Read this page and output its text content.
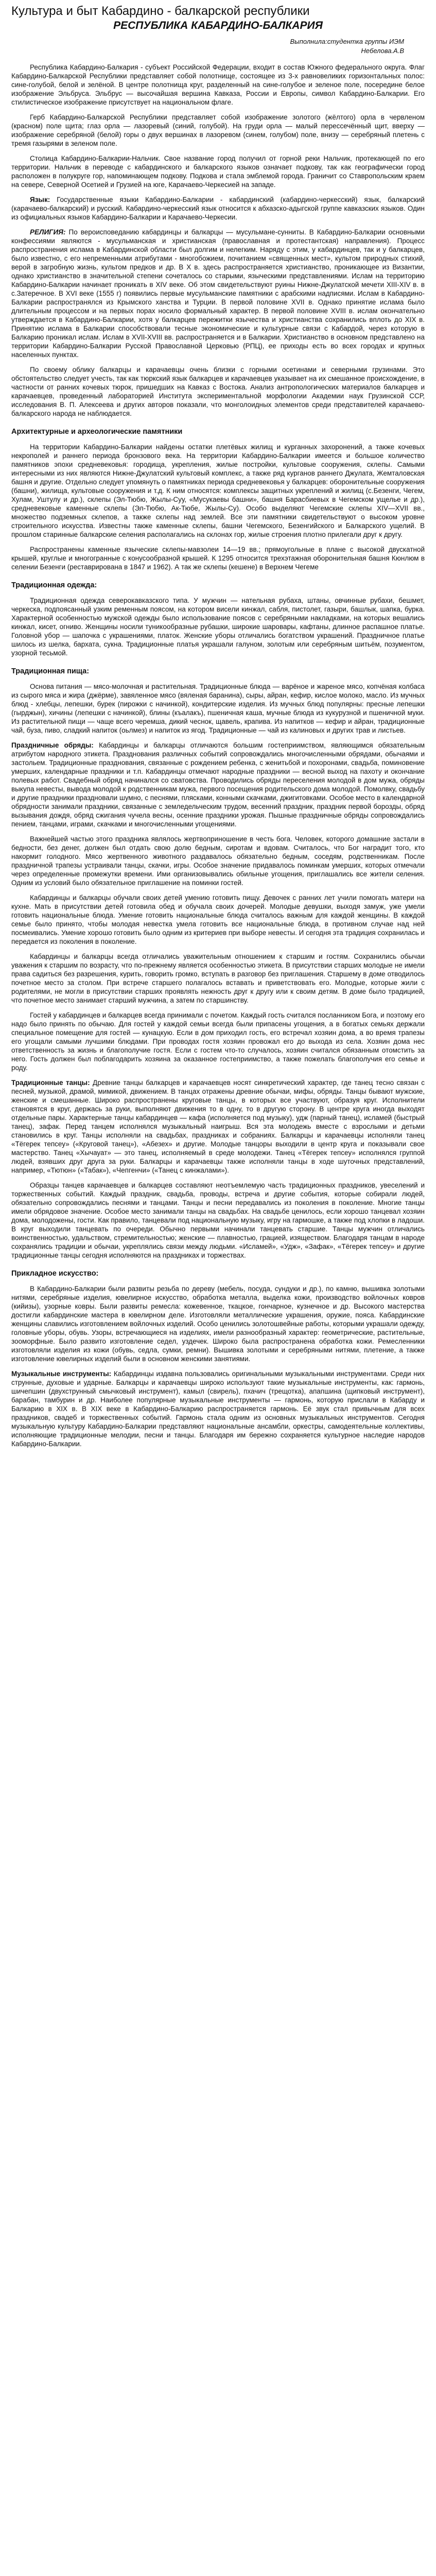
Культура и быт Кабардино - балкарской республики
РЕСПУБЛИКА КАБАРДИНО-БАЛКАРИЯ
Выполнила:студентка группы ИЭМ
Небелова.А.В

Республика Кабардино-Балкария - субъект Российской Федерации, входит в состав Южного федерального округа. Флаг Кабардино-Балкарской Республики представляет собой полотнище, состоящее из 3-х равновеликих горизонтальных полос: сине-голубой, белой и зелёной. В центре полотнища круг, разделенный на сине-голубое и зеленое поле, посередине белое изображение Эльбруса. Эльбрус — высочайшая вершина Кавказа, России и Европы, символ Кабардино-Балкарии. Его стилистическое изображение присутствует на национальном флаге.

Герб Кабардино-Балкарской Республики представляет собой изображение золотого (жёлтого) орла в червленом (красном) поле щита; глаз орла — лазоревый (синий, голубой). На груди орла — малый перессечённый щит, вверху — изображение серебряной (белой) горы о двух вершинах в лазоревом (синем, голубом) поле, внизу — серебряный плетень с тремя газырями в зеленом поле.

Столица Кабардино-Балкарии-Нальчик. Свое название город получил от горной реки Нальчик, протекающей по его территории. Нальчик в переводе с кабардинского и балкарского языков означает подкову, так как географически город расположен в полукруге гор, напоминающем подкову. Подкова и стала эмблемой города. Граничит со Ставропольским краем на севере, Северной Осетией и Грузией на юге, Карачаево-Черкесией на западе.

Язык: Государственные языки Кабардино-Балкарии - кабардинский (кабардино-черкесский) язык, балкарский (карачаево-балкарский) и русский. Кабардино-черкесский язык относится к абхазско-адыгской группе кавказских языков. Один из официальных языков Кабардино-Балкарии и Карачаево-Черкесии.

РЕЛИГИЯ: По вероисповеданию кабардинцы и балкарцы — мусульмане-сунниты. В Кабардино-Балкарии основными конфессиями являются - мусульманская и христианская (православная и протестантская) направления). Процесс распространения ислама в Кабардинской области был долгим и нелегким. Наряду с этим, у кабардинцев, так и у балкарцев, было известно, с его непременными атрибутами - многобожием, почитанием «священных мест», культом природных стихий, верой в загробную жизнь, культом предков и др. В X в. здесь распространяется христианство, проникающее из Византии, однако христианство в значительной степени сочеталось со старыми, языческими представлениями. Ислам на территорию Кабардино-Балкарии начинает проникать в XIV веке. Об этом свидетельствуют руины Нижне-Джулатской мечети XIII-XIV в. в с.Затеречное. В XVI веке (1555 г) появились первые мусульманские памятники с арабскими надписями. Ислам в Кабардино-Балкарии распространялся из Крымского ханства и Турции. В первой половине XVII в. Однако принятие ислама было длительным процессом и на первых порах носило формальный характер. В первой половине XVIII в. ислам окончательно утверждается в Кабардино-Балкарии, хотя у балкарцев пережитки язычества и христианства сохранились вплоть до XIX в. Принятию ислама в Балкарии способствовали тесные экономические и культурные связи с Кабардой, через которую в Балкарию проникал ислам. Ислам в XVII-XVIII вв. распространяется и в Балкарии. Христианство в основном представлено на территории Кабардино-Балкарии Русской Православной Церковью (РПЦ), ее приходы есть во всех городах и крупных населенных пунктах.

По своему облику балкарцы и карачаевцы очень близки с горными осетинами и северными грузинами. Это обстоятельство следует учесть, так как тюркский язык балкарцев и карачаевцев указывает на их смешанное происхождение, в частности от ранних кочевых тюрок, пришедших на Кавказ с Востока. Анализ антропологических материалов балкарцев и карачаевцев, проведенный лабораторией Института экспериментальной морфологии Академии наук Грузинской ССР, исследования В. П. Алексеева и других авторов показали, что монголоидных элементов среди представителей карачаево-балкарского народа не наблюдается.

Архитектурные и археологические памятники

На территории Кабардино-Балкарии найдены остатки плетёвых жилищ и курганных захоронений, а также кочевых некрополей и раннего периода бронзового века. На территории Кабардино-Балкарии имеется и большое количество памятников эпохи средневековья: городища, укрепления, жилые постройки, культовые сооружения, склепы. Самыми интересными из них являются Нижне-Джулатский культовый комплекс, а также ряд курганов раннего Джулата, Жемталовская башня и другие. Отдельно следует упомянуть о памятниках периода средневековья у балкарцев: оборонительные сооружения (башни), жилища, культовые сооружения и т.д. К ним относятся: комплексы защитных укреплений и жилищ (с.Безенги, Чегем, Хулам, Уштулу и др.), склепы (Эл-Тюбю, Жылы-Суу, «Мусукаевы башни», башня Барасбиевых в Чегемском ущелье и др.), средневековые каменные склепы (Эл-Тюбю, Ак-Тюбе, Жылы-Су). Особо выделяют Чегемские склепы XIV—XVII вв., множество подземных склепов, а также склепы над землей. Все эти памятники свидетельствуют о высоком уровне строительного искусства. Известны также каменные склепы, башни Чегемского, Безенгийского и Балкарского ущелий. В прошлом старинные балкарские селения располагались на склонах гор, жилые строения плотно прилегали друг к другу.

Распространены каменные языческие склепы-мавзолеи 14—19 вв.; прямоугольные в плане с высокой двускатной крышей, круглые и многогранные с конусообразной крышей. К 1295 относится трехэтажная оборонительная башня Кюнлюм в селении Безенги (реставрирована в 1847 и 1962). А так же склепы (кешене) в Верхнем Чегеме

Традиционная одежда:

Традиционная одежда северокавказского типа. У мужчин — нательная рубаха, штаны, овчинные рубахи, бешмет, черкеска, подпоясанный узким ременным поясом, на котором висели кинжал, сабля, пистолет, газыри, башлык, шапка, бурка. Характерной особенностью мужской одежды было использование поясов с серебряными накладками, на которых вешались кинжал, кисет, огниво. Женщины носили туникообразные рубашки, широкие шаровары, кафтаны, длинное распашное платье. Головной убор — шапочка с украшениями, платок. Женские уборы отличались богатством украшений. Праздничное платье шилось из шелка, бархата, сукна. Традиционные платья украшали галуном, золотым или серебряным шитьём, позументом, узорной тесьмой.

Традиционная пища:

Основа питания — мясо-молочная и растительная. Традиционные блюда — варёное и жареное мясо, копчёная колбаса из сырого мяса и жира (джёрме), завяленное мясо (вяленая баранина), сыры, айран, кефир, кислое молоко, масло. Из мучных блюд - хлебцы, лепешки, бурек (пирожки с начинкой), кондитерские изделия. Из мучных блюд популярны: пресные лепешки (гырджын), хичины (лепешки с начинкой), блины (къалакъ), пшеничная каша, мучные блюда из кукурузной и пшеничной муки. Из растительной пищи — чаще всего черемша, дикий чеснок, щавель, крапива. Из напитков — кефир и айран, традиционные чай, буза, пиво, сладкий напиток (оьлмез) и напиток из ягод. Традиционные — чай из калиновых и других трав и листьев.

Праздничные обряды: Кабардинцы и балкарцы отличаются большим гостеприимством, являющимся обязательным атрибутом народного этикета. Празднования различных событий сопровождались многочисленными обрядами, обычаями и застольем. Традиционные празднования, связанные с рождением ребенка, с женитьбой и похоронами, свадьба, поминовение умерших, календарные праздники и т.п. Кабардинцы отмечают народные праздники — весной выход на пахоту и окончание полевых работ. Свадебный обряд начинался со сватовства. Проводились обряды переселения молодой в дом мужа, обряды выкупа невесты, вывода молодой к родственникам мужа, первого посещения родительского дома молодой. Помолвку, свадьбу и другие праздники праздновали шумно, с песнями, плясками, конными скачками, джигитовками. Особое место в календарной обрядности занимали праздники, связанные с земледельческим трудом, весенний праздник, праздник первой борозды, обряд вызывания дождя, обряд сжигания чучела весны, осенние праздники урожая. Пышные праздничные обряды сопровождались пением, танцами, играми, скачками и многочисленными угощениями.

Важнейшей частью этого праздника являлось жертвоприношение в честь бога. Человек, которого домашние застали в бедности, без денег, должен был отдать свою долю бедным, сиротам и вдовам. Считалось, что Бог наградит того, кто накормит голодного. Мясо жертвенного животного раздавалось обязательно бедным, соседям, родственникам. После праздничной трапезы устраивали танцы, скачки, игры. Особое значение придавалось поминкам умерших, которых отмечали через определенные промежутки времени. Ими организовывались обильные угощения, приглашались все жители селения. Одним из условий было обязательное приглашение на поминки гостей.

Кабардинцы и балкарцы обучали своих детей умению готовить пищу. Девочек с ранних лет учили помогать матери на кухне. Мать в присутствии детей готовила обед и обучала своих дочерей. Молодые девушки, выходя замуж, уже умели готовить национальные блюда. Умение готовить национальные блюда считалось важным для каждой женщины. В каждой семье было принято, чтобы молодая невестка умела готовить все национальные блюда, в противном случае над ней посмеивались. Умение хорошо готовить было одним из критериев при выборе невесты. И сегодня эта традиция сохранилась и передается из поколения в поколение.

Кабардинцы и балкарцы всегда отличались уважительным отношением к старшим и гостям. Сохранились обычаи уважения к старшим по возрасту, что по-прежнему является особенностью этикета. В присутствии старших молодые не имели права садиться без разрешения, курить, говорить громко, вступать в разговор без приглашения. Старшему в доме отводилось почетное место за столом. При встрече старшего полагалось вставать и приветствовать его. Молодые, которые жили с родителями, не могли в присутствии старших проявлять нежность друг к другу или к своим детям. В доме было традицией, что почетное место занимает старший мужчина, а затем по старшинству.

Гостей у кабардинцев и балкарцев всегда принимали с почетом. Каждый гость считался посланником Бога, и поэтому его надо было принять по обычаю. Для гостей у каждой семьи всегда были припасены угощения, а в богатых семьях держали специальное помещение для гостей — кунацкую. Если в дом приходил гость, его встречал хозяин дома, а во время трапезы его угощали самыми лучшими блюдами. При проводах гостя хозяин провожал его до выхода из села. Хозяин дома нес ответственность за жизнь и благополучие гостя. Если с гостем что-то случалось, хозяин считался обязанным отомстить за него. Гость должен был поблагодарить хозяина за оказанное гостеприимство, а также пожелать благополучия его семье и роду.

Традиционные танцы: Древние танцы балкарцев и карачаевцев носят синкретический характер, где танец тесно связан с песней, музыкой, драмой, мимикой, движением. В танцах отражены древние обычаи, мифы, обряды. Танцы бывают мужские, женские и смешанные. Широко распространены круговые танцы, в которых все участвуют, образуя круг. Исполнители становятся в круг, держась за руки, выполняют движения то в одну, то в другую сторону. В центре круга иногда выходят отдельные пары. Характерные танцы кабардинцев — кафа (исполняется под музыку), удж (парный танец), исламей (быстрый танец), зафак. Перед танцем исполнялся музыкальный наигрыш. Вся эта молодежь вместе с взрослыми и детьми становились в круг. Танцы исполняли на свадьбах, праздниках и собраниях. Балкарцы и карачаевцы исполняли танец «Тёгерек тепсеу» («Круговой танец»), «Абезех» и другие. Молодые танцоры выходили в центр круга и показывали свое мастерство. Танец «Хычауат» — это танец, исполняемый в среде молодежи. Танец «Тёгерек тепсеу» исполнялся группой людей, взявших друг друга за руки. Балкарцы и карачаевцы также исполняли танцы в ходе шуточных представлений, например, «Тютюн» («Табак»), «Чепгенчи» («Танец с кинжалами»).

Образцы танцев карачаевцев и балкарцев составляют неотъемлемую часть традиционных праздников, увеселений и торжественных событий. Каждый праздник, свадьба, проводы, встреча и другие события, которые собирали людей, обязательно сопровождались песнями и танцами. Танцы и песни передавались из поколения в поколение. Многие танцы имели обрядовое значение. Особое место занимали танцы на свадьбах. На свадьбе ценилось, если хорошо танцевал хозяин дома, молодожены, гости. Как правило, танцевали под национальную музыку, игру на гармошке, а также под хлопки в ладоши. В круг выходили танцевать по очереди. Обычно первыми начинали танцевать старшие. Танцы мужчин отличались воинственностью, удальством, стремительностью; женские — плавностью, грацией, изяществом. Благодаря танцам в народе сохранялись традиции и обычаи, укреплялись связи между людьми. «Исламей», «Удж», «Зафак», «Тёгерек тепсеу» и другие традиционные танцы сегодня исполняются на праздниках и торжествах.

Прикладное искусство:

В Кабардино-Балкарии были развиты резьба по дереву (мебель, посуда, сундуки и др.), по камню, вышивка золотыми нитями, серебряные изделия, ювелирное искусство, обработка металла, выделка кожи, производство войлочных ковров (кийизы), узорные ковры. Были развиты ремесла: кожевенное, ткацкое, гончарное, кузнечное и др. Высокого мастерства достигли кабардинские мастера в ювелирном деле. Изготовляли металлические украшения, оружие, пояса. Кабардинские женщины славились изготовлением войлочных изделий. Особо ценились золотошвейные работы, которыми украшали одежду, головные уборы, обувь. Узоры, встречающиеся на изделиях, имели разнообразный характер: геометрические, растительные, зооморфные. Было развито изготовление седел, уздечек. Широко была распространена обработка кожи. Ремесленники изготовляли изделия из кожи (обувь, седла, сумки, ремни). Вышивка золотыми и серебряными нитями, плетение, а также изготовление ювелирных изделий были в основном женскими занятиями.

Музыкальные инструменты: Кабардинцы издавна пользовались оригинальными музыкальными инструментами. Среди них струнные, духовые и ударные. Балкарцы и карачаевцы широко используют такие музыкальные инструменты, как: гармонь, шичепшин (двухструнный смычковый инструмент), камыл (свирель), пхачич (трещотка), апапшина (щипковый инструмент), барабан, тамбурин и др. Наиболее популярные музыкальные инструменты — гармонь, которую прислали в Кабарду и Балкарию в XIX в. В XIX веке в Кабардино-Балкарию распространяется гармонь. Её звук стал привычным для всех праздников, свадеб и торжественных событий. Гармонь стала одним из основных музыкальных инструментов. Сегодня музыкальную культуру Кабардино-Балкарии представляют национальные ансамбли, оркестры, самодеятельные коллективы, исполняющие традиционные мелодии, песни и танцы. Благодаря им бережно сохраняется культурное наследие народов Кабардино-Балкарии.
